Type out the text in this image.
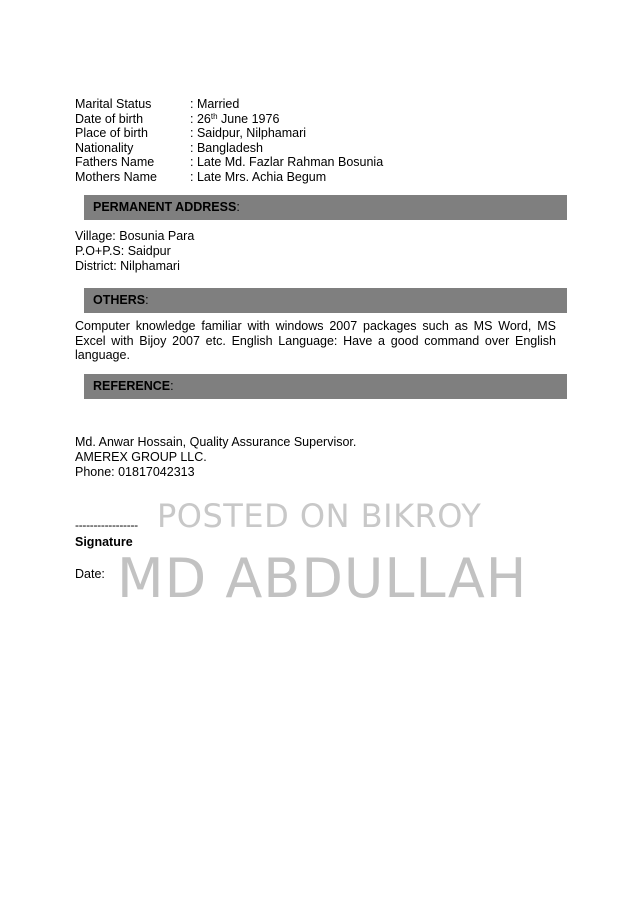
Marital Status	: Married
Date of birth	: 26th June 1976
Place of birth	: Saidpur, Nilphamari
Nationality	: Bangladesh
Fathers Name	: Late Md. Fazlar Rahman Bosunia
Mothers Name	: Late Mrs. Achia Begum
PERMANENT ADDRESS:
Village: Bosunia Para
P.O+P.S: Saidpur
District: Nilphamari
OTHERS:
Computer knowledge familiar with windows 2007 packages such as MS Word, MS Excel with Bijoy 2007 etc. English Language: Have a good command over English language.
REFERENCE:
Md. Anwar Hossain, Quality Assurance Supervisor.
AMEREX GROUP LLC.
Phone: 01817042313
-----------------
Signature
Date:
POSTED ON BIKROY
MD ABDULLAH
